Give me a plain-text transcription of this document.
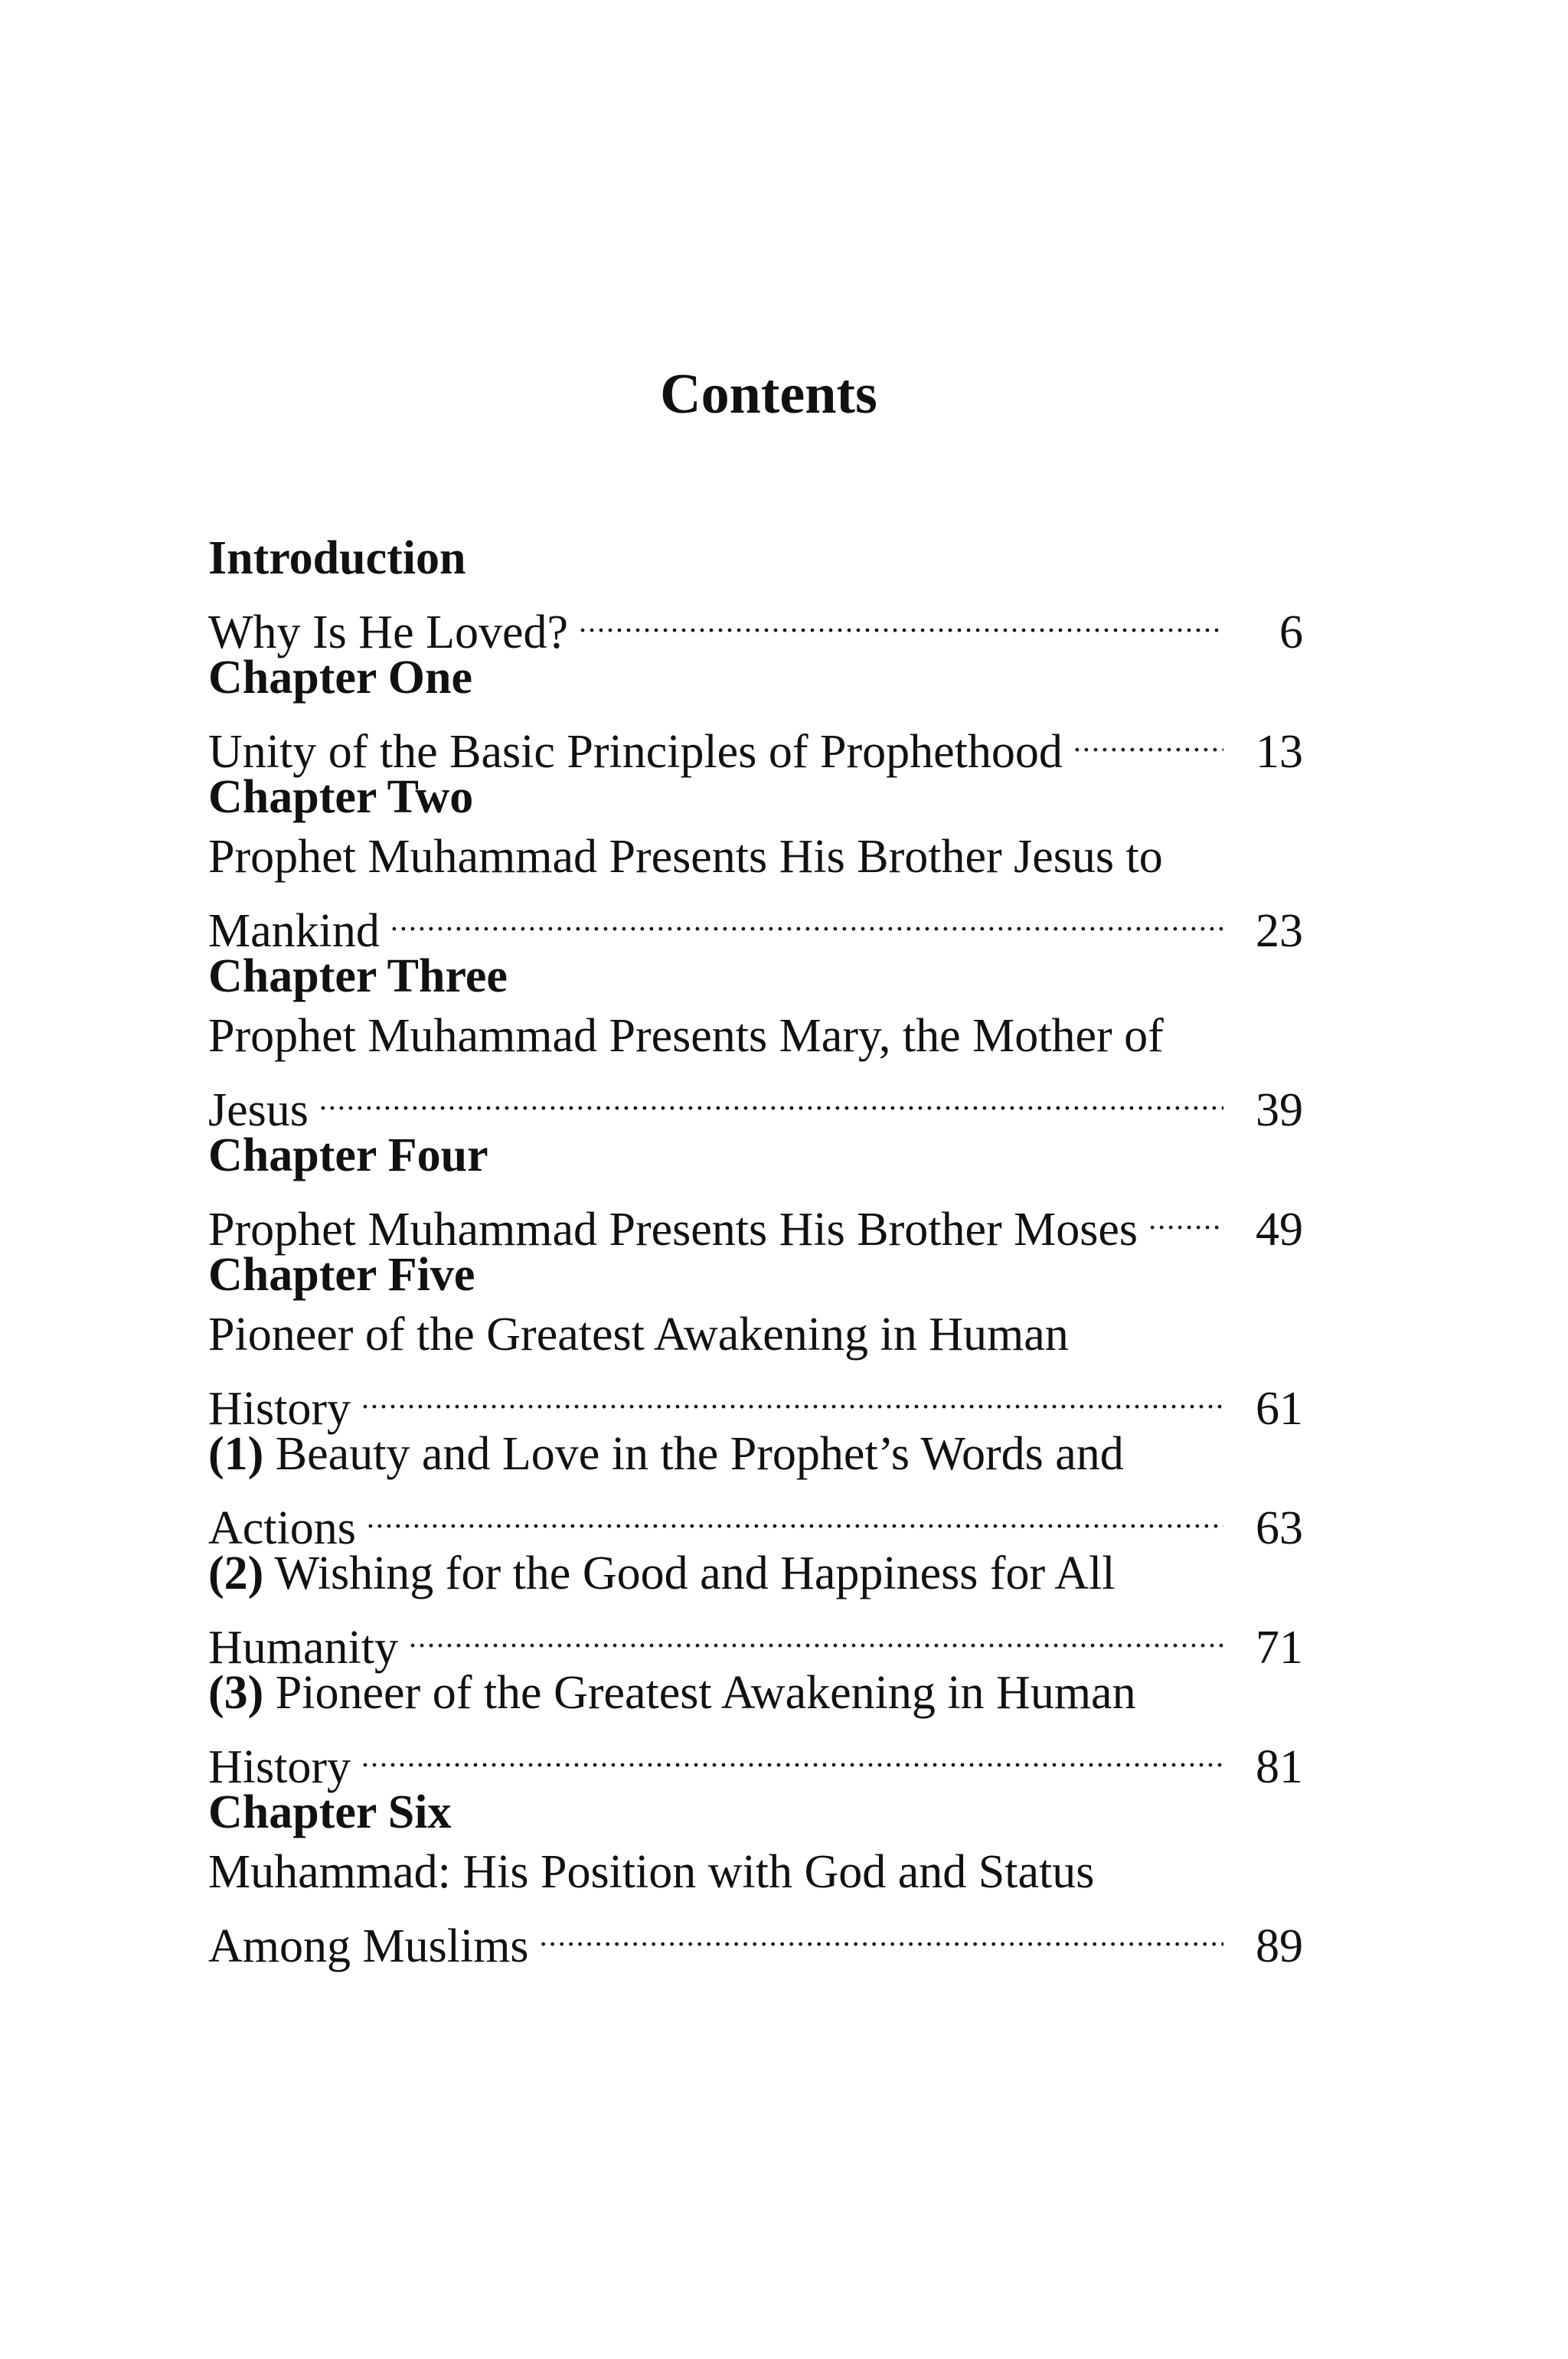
Contents
Introduction
Why Is He Loved? .....	6
Chapter One
Unity of the Basic Principles of Prophethood .....	13
Chapter Two
Prophet Muhammad Presents His Brother Jesus to
Mankind .....	23
Chapter Three
Prophet Muhammad Presents Mary, the Mother of
Jesus .....	39
Chapter Four
Prophet Muhammad Presents His Brother Moses .....	49
Chapter Five
Pioneer of the Greatest Awakening in Human
History .....	61
(1) Beauty and Love in the Prophet’s Words and
Actions .....	63
(2) Wishing for the Good and Happiness for All
Humanity .....	71
(3) Pioneer of the Greatest Awakening in Human
History .....	81
Chapter Six
Muhammad: His Position with God and Status
Among Muslims .....	89
